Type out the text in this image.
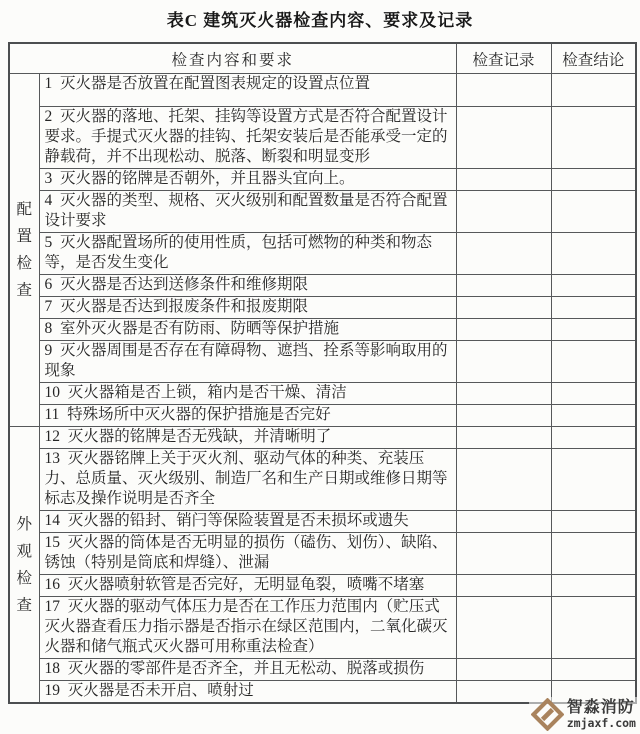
表C 建筑灭火器检查内容、要求及记录
检查内容和要求		检查记录	检查结论
配置检查	1 灭火器是否放置在配置图表规定的设置点位置		
	2 灭火器的落地、托架、挂钩等设置方式是否符合配置设计要求。手提式灭火器的挂钩、托架安装后是否能承受一定的静载荷，并不出现松动、脱落、断裂和明显变形		
	3 灭火器的铭牌是否朝外，并且器头宜向上。		
	4 灭火器的类型、规格、灭火级别和配置数量是否符合配置设计要求		
	5 灭火器配置场所的使用性质，包括可燃物的种类和物态等，是否发生变化		
	6 灭火器是否达到送修条件和维修期限		
	7 灭火器是否达到报废条件和报废期限		
	8 室外灭火器是否有防雨、防晒等保护措施		
	9 灭火器周围是否存在有障碍物、遮挡、拴系等影响取用的现象		
	10 灭火器箱是否上锁，箱内是否干燥、清洁		
	11 特殊场所中灭火器的保护措施是否完好		
外观检查	12 灭火器的铭牌是否无残缺，并清晰明了		
	13 灭火器铭牌上关于灭火剂、驱动气体的种类、充装压力、总质量、灭火级别、制造厂名和生产日期或维修日期等标志及操作说明是否齐全		
	14 灭火器的铅封、销闩等保险装置是否未损坏或遗失		
	15 灭火器的筒体是否无明显的损伤（磕伤、划伤）、缺陷、锈蚀（特别是筒底和焊缝）、泄漏		
	16 灭火器喷射软管是否完好，无明显龟裂，喷嘴不堵塞		
	17 灭火器的驱动气体压力是否在工作压力范围内（贮压式灭火器查看压力指示器是否指示在绿区范围内，二氧化碳灭火器和储气瓶式灭火器可用称重法检查）		
	18 灭火器的零部件是否齐全，并且无松动、脱落或损伤		
	19 灭火器是否未开启、喷射过		
智淼消防
zmjaxf.com
